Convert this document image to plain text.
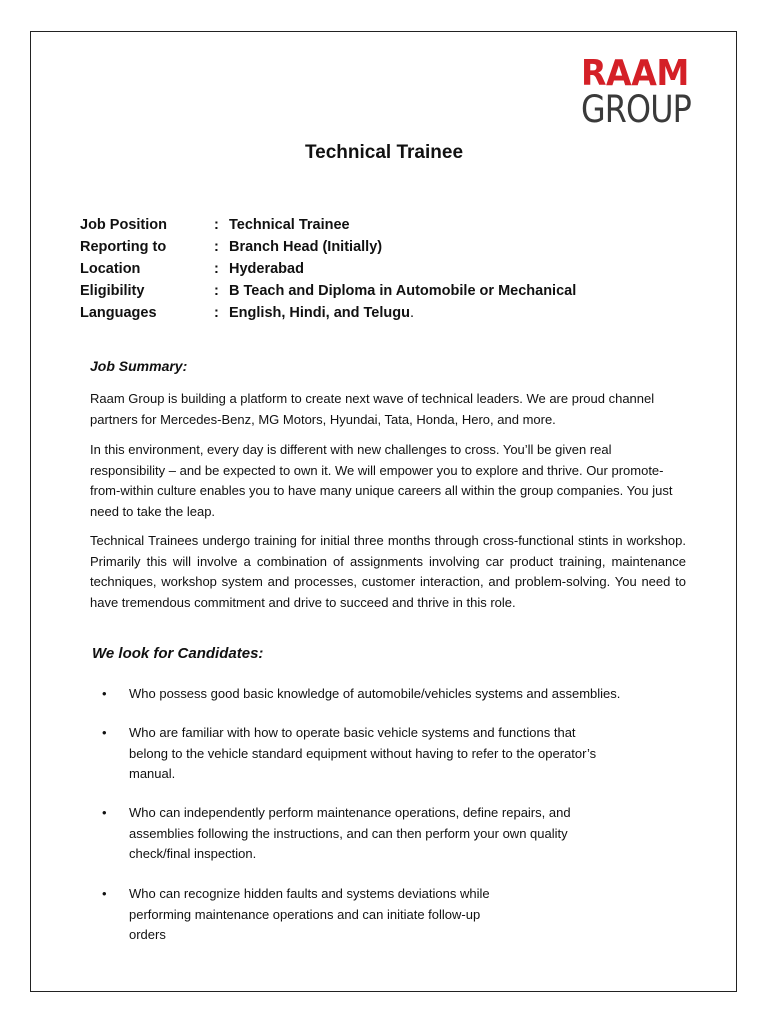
RAAM
GROUP
Technical Trainee
Job Position	: Technical Trainee
Reporting to	: Branch Head (Initially)
Location	: Hyderabad
Eligibility	: B Teach and Diploma in Automobile or Mechanical
Languages	: English, Hindi, and Telugu.
Job Summary:

Raam Group is building a platform to create next wave of technical leaders. We are proud channel partners for Mercedes-Benz, MG Motors, Hyundai, Tata, Honda, Hero, and more.

In this environment, every day is different with new challenges to cross. You’ll be given real responsibility – and be expected to own it. We will empower you to explore and thrive. Our promote- from-within culture enables you to have many unique careers all within the group companies. You just need to take the leap.

Technical Trainees undergo training for initial three months through cross-functional stints in workshop. Primarily this will involve a combination of assignments involving car product training, maintenance techniques, workshop system and processes, customer interaction, and problem-solving. You need to have tremendous commitment and drive to succeed and thrive in this role.

We look for Candidates:
• Who possess good basic knowledge of automobile/vehicles systems and assemblies.
• Who are familiar with how to operate basic vehicle systems and functions that belong to the vehicle standard equipment without having to refer to the operator’s manual.
• Who can independently perform maintenance operations, define repairs, and assemblies following the instructions, and can then perform your own quality check/final inspection.
• Who can recognize hidden faults and systems deviations while performing maintenance operations and can initiate follow-up orders
